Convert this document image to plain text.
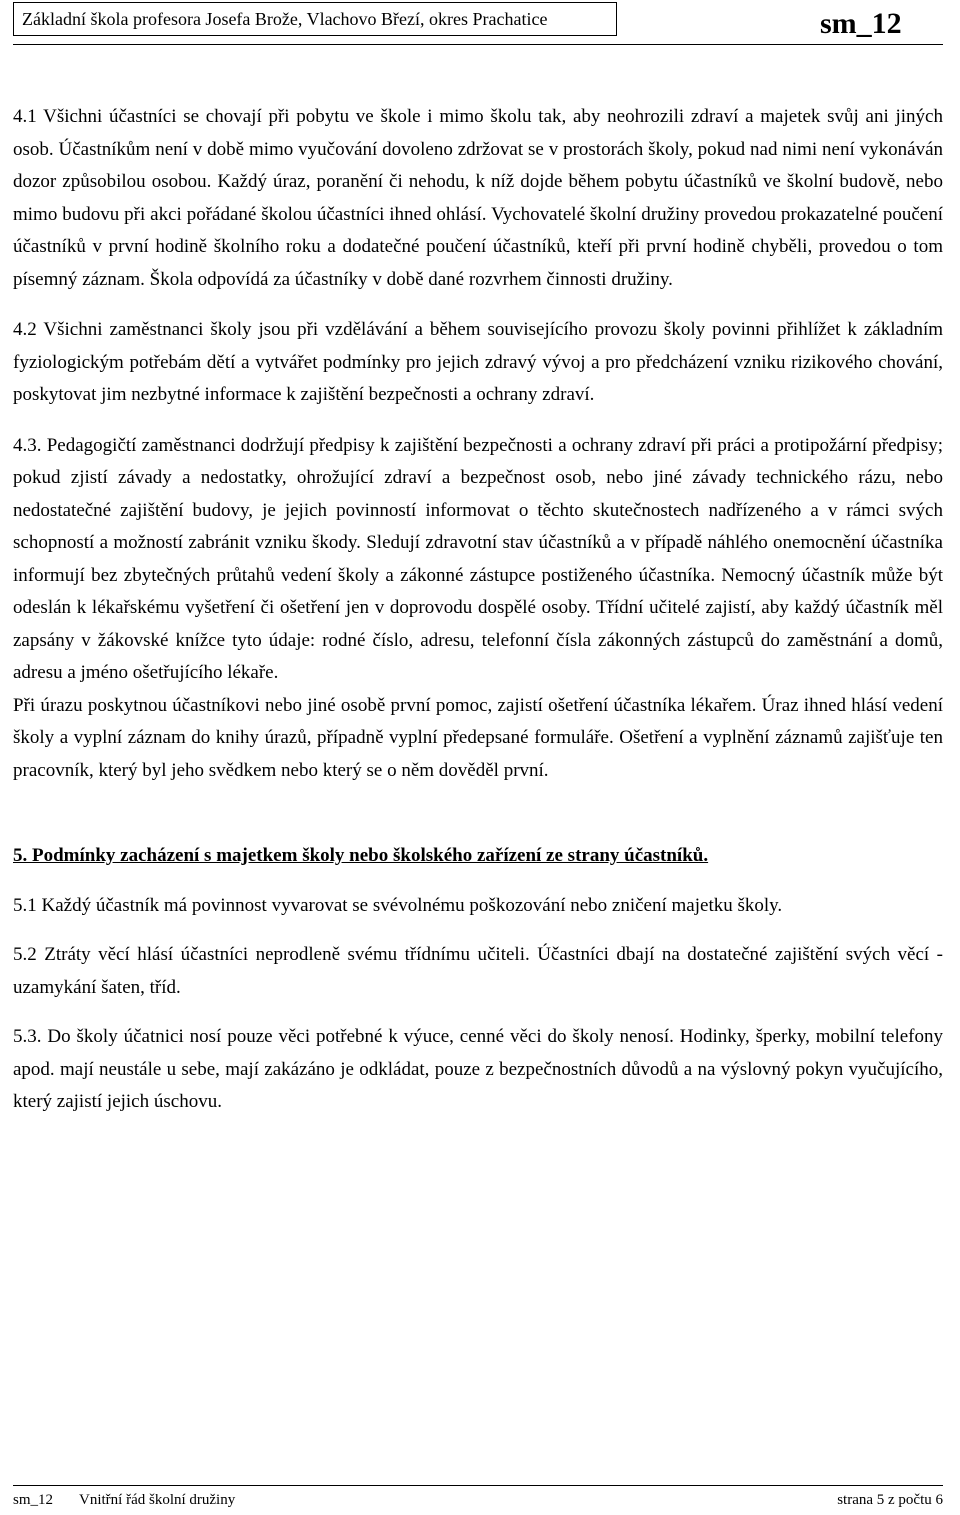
Základní škola profesora Josefa Brože, Vlachovo Březí, okres Prachatice	sm_12

4.1 Všichni účastníci se chovají při pobytu ve škole i mimo školu tak, aby neohrozili zdraví a majetek svůj ani jiných osob. Účastníkům není v době mimo vyučování dovoleno zdržovat se v prostorách školy, pokud nad nimi není vykonáván dozor způsobilou osobou. Každý úraz, poranění či nehodu, k níž dojde během pobytu účastníků ve školní budově, nebo mimo budovu při akci pořádané školou účastníci ihned ohlásí. Vychovatelé školní družiny provedou prokazatelné poučení účastníků v první hodině školního roku a dodatečné poučení účastníků, kteří při první hodině chyběli, provedou o tom písemný záznam. Škola odpovídá za účastníky v době dané rozvrhem činnosti družiny.

4.2 Všichni zaměstnanci školy jsou při vzdělávání a během souvisejícího provozu školy povinni přihlížet k základním fyziologickým potřebám dětí a vytvářet podmínky pro jejich zdravý vývoj a pro předcházení vzniku rizikového chování, poskytovat jim nezbytné informace k zajištění bezpečnosti a ochrany zdraví.

4.3. Pedagogičtí zaměstnanci dodržují předpisy k zajištění bezpečnosti a ochrany zdraví při práci a protipožární předpisy; pokud zjistí závady a nedostatky, ohrožující zdraví a bezpečnost osob, nebo jiné závady technického rázu, nebo nedostatečné zajištění budovy, je jejich povinností informovat o těchto skutečnostech nadřízeného a v rámci svých schopností a možností zabránit vzniku škody. Sledují zdravotní stav účastníků a v případě náhlého onemocnění účastníka informují bez zbytečných průtahů vedení školy a zákonné zástupce postiženého účastníka. Nemocný účastník může být odeslán k lékařskému vyšetření či ošetření jen v doprovodu dospělé osoby. Třídní učitelé zajistí, aby každý účastník měl zapsány v žákovské knížce tyto údaje: rodné číslo, adresu, telefonní čísla zákonných zástupců do zaměstnání a domů, adresu a jméno ošetřujícího lékaře.

Při úrazu poskytnou účastníkovi nebo jiné osobě první pomoc, zajistí ošetření účastníka lékařem. Úraz ihned hlásí vedení školy a vyplní záznam do knihy úrazů, případně vyplní předepsané formuláře. Ošetření a vyplnění záznamů zajišťuje ten pracovník, který byl jeho svědkem nebo který se o něm dověděl první.

5. Podmínky zacházení s majetkem školy nebo školského zařízení ze strany účastníků.

5.1 Každý účastník má povinnost vyvarovat se svévolnému poškozování nebo zničení majetku školy.

5.2 Ztráty věcí hlásí účastníci neprodleně svému třídnímu učiteli. Účastníci dbají na dostatečné zajištění svých věcí - uzamykání šaten, tříd.

5.3. Do školy účatnici nosí pouze věci potřebné k výuce, cenné věci do školy nenosí. Hodinky, šperky, mobilní telefony apod. mají neustále u sebe, mají zakázáno je odkládat, pouze z bezpečnostních důvodů a na výslovný pokyn vyučujícího, který zajistí jejich úschovu.

sm_12 Vnitřní řád školní družiny	strana 5 z počtu 6
